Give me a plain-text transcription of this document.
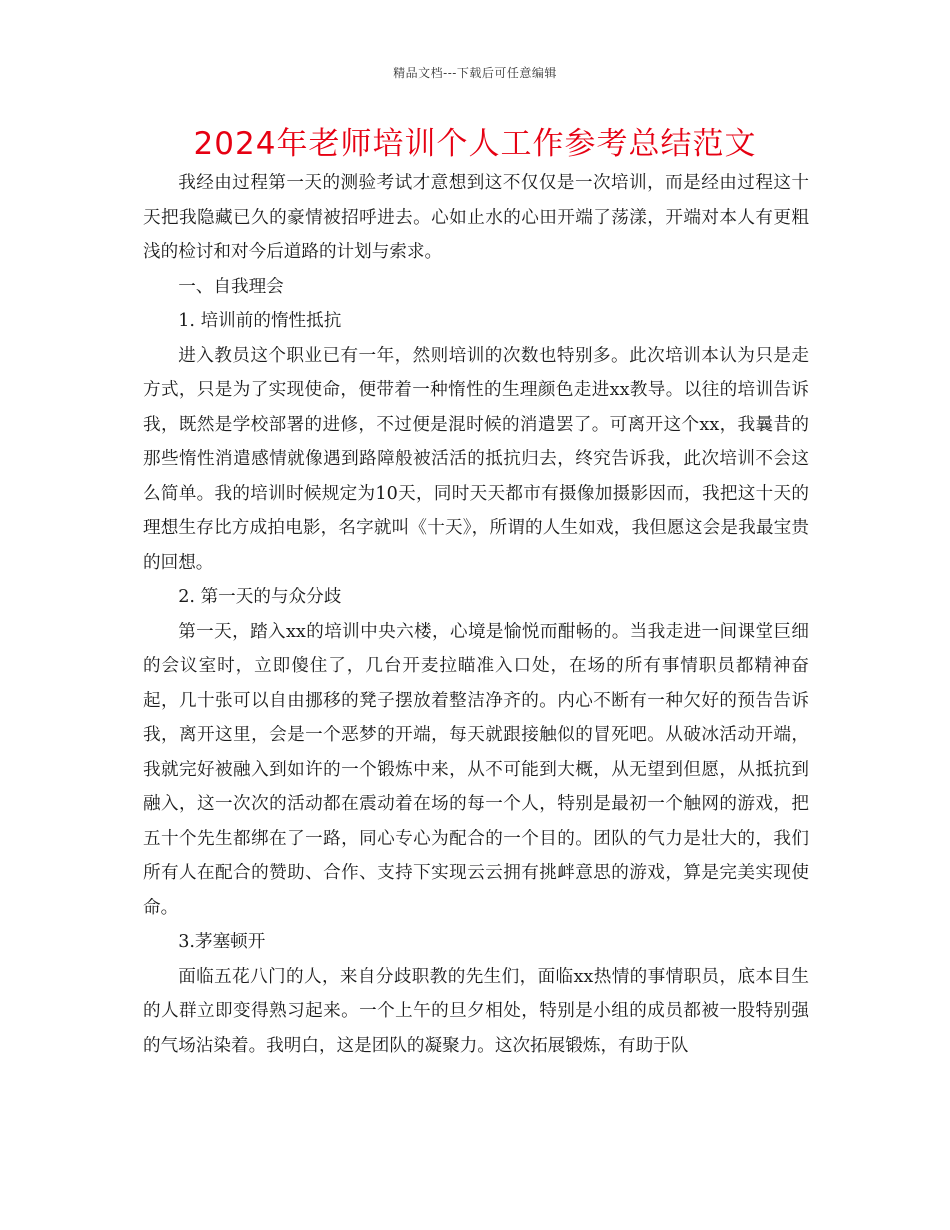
精品文档---下载后可任意编辑
2024年老师培训个人工作参考总结范文

我经由过程第一天的测验考试才意想到这不仅仅是一次培训，而是经由过程这十天把我隐藏已久的豪情被招呼进去。心如止水的心田开端了荡漾，开端对本人有更粗浅的检讨和对今后道路的计划与索求。

一、自我理会

1. 培训前的惰性抵抗

进入教员这个职业已有一年，然则培训的次数也特别多。此次培训本认为只是走方式，只是为了实现使命，便带着一种惰性的生理颜色走进xx教导。以往的培训告诉我，既然是学校部署的进修，不过便是混时候的消遣罢了。可离开这个xx，我曩昔的那些惰性消遣感情就像遇到路障般被活活的抵抗归去，终究告诉我，此次培训不会这么简单。我的培训时候规定为10天，同时天天都市有摄像加摄影因而，我把这十天的理想生存比方成拍电影，名字就叫《十天》，所谓的人生如戏，我但愿这会是我最宝贵的回想。

2. 第一天的与众分歧

第一天，踏入xx的培训中央六楼，心境是愉悦而酣畅的。当我走进一间课堂巨细的会议室时，立即傻住了，几台开麦拉瞄准入口处，在场的所有事情职员都精神奋起，几十张可以自由挪移的凳子摆放着整洁净齐的。内心不断有一种欠好的预告告诉我，离开这里，会是一个恶梦的开端，每天就跟接触似的冒死吧。从破冰活动开端，我就完好被融入到如许的一个锻炼中来，从不可能到大概，从无望到但愿，从抵抗到融入，这一次次的活动都在震动着在场的每一个人，特别是最初一个触网的游戏，把五十个先生都绑在了一路，同心专心为配合的一个目的。团队的气力是壮大的，我们所有人在配合的赞助、合作、支持下实现云云拥有挑衅意思的游戏，算是完美实现使命。

3.茅塞顿开

面临五花八门的人，来自分歧职教的先生们，面临xx热情的事情职员，底本目生的人群立即变得熟习起来。一个上午的旦夕相处，特别是小组的成员都被一股特别强的气场沾染着。我明白，这是团队的凝聚力。这次拓展锻炼，有助于队
